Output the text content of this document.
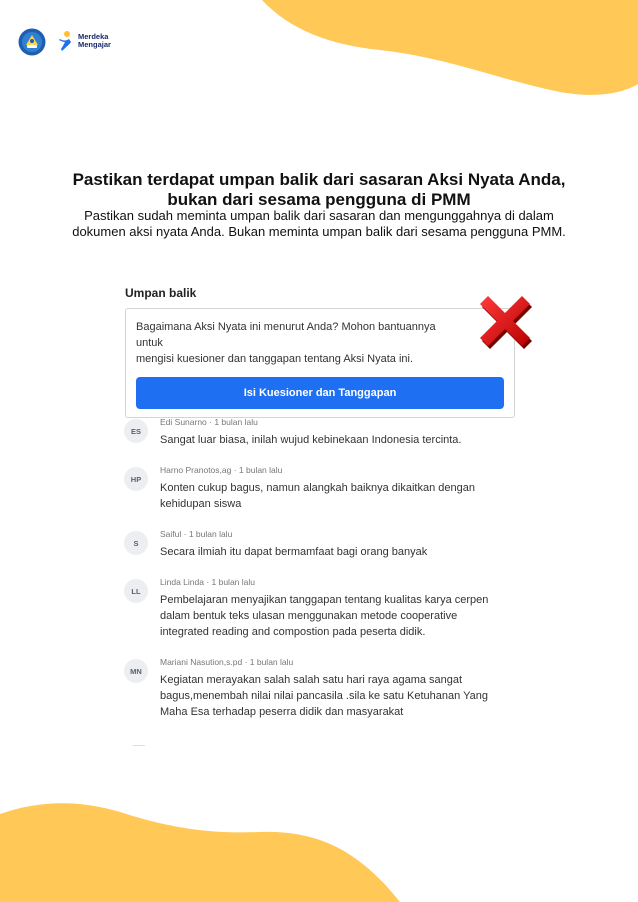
Merdeka
Mengajar
Pastikan terdapat umpan balik dari sasaran Aksi Nyata Anda,
bukan dari sesama pengguna di PMM

Pastikan sudah meminta umpan balik dari sasaran dan mengunggahnya di dalam
dokumen aksi nyata Anda. Bukan meminta umpan balik dari sesama pengguna PMM.

Umpan balik

Bagaimana Aksi Nyata ini menurut Anda? Mohon bantuannya untuk
mengisi kuesioner dan tanggapan tentang Aksi Nyata ini.

Isi Kuesioner dan Tanggapan
ES
Edi Sunarno · 1 bulan lalu

Sangat luar biasa, inilah wujud kebinekaan Indonesia tercinta.

HP
Harno Pranotos,ag · 1 bulan lalu

Konten cukup bagus, namun alangkah baiknya dikaitkan dengan
kehidupan siswa

S
Saiful · 1 bulan lalu

Secara ilmiah itu dapat bermamfaat bagi orang banyak

LL
Linda Linda · 1 bulan lalu

Pembelajaran menyajikan tanggapan tentang kualitas karya cerpen
dalam bentuk teks ulasan menggunakan metode cooperative
integrated reading and compostion pada peserta didik.

MN
Mariani Nasution,s.pd · 1 bulan lalu

Kegiatan merayakan salah salah satu hari raya agama sangat
bagus,menembah nilai nilai pancasila .sila ke satu Ketuhanan Yang
Maha Esa terhadap peserra didik dan masyarakat
